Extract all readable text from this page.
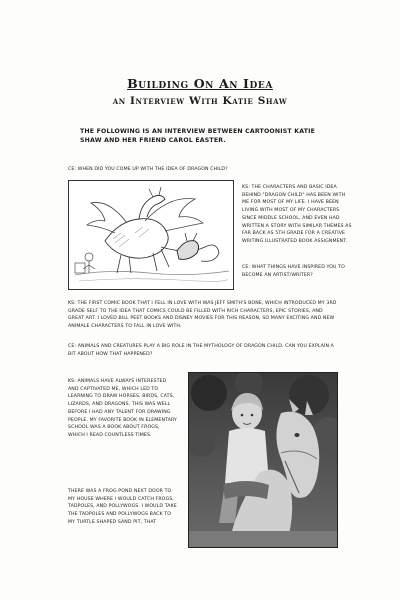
Building On An Idea
an Interview With Katie Shaw
THE FOLLOWING IS AN INTERVIEW BETWEEN CARTOONIST KATIE SHAW AND HER FRIEND CAROL EASTER.
CE: WHEN DID YOU COME UP WITH THE IDEA OF DRAGON CHILD?
KS: THE CHARACTERS AND BASIC IDEA BEHIND "DRAGON CHILD" HAS BEEN WITH ME FOR MOST OF MY LIFE. I HAVE BEEN LIVING WITH MOST OF MY CHARACTERS SINCE MIDDLE SCHOOL, AND EVEN HAD WRITTEN A STORY WITH SIMILAR THEMES AS FAR BACK AS 5TH GRADE FOR A CREATIVE WRITING ILLUSTRATED BOOK ASSIGNMENT.
CE: WHAT THINGS HAVE INSPIRED YOU TO BECOME AN ARTIST/WRITER?
KS: THE FIRST COMIC BOOK THAT I FELL IN LOVE WITH WAS JEFF SMITH'S BONE, WHICH INTRODUCED MY 3RD GRADE SELF TO THE IDEA THAT COMICS COULD BE FILLED WITH RICH CHARACTERS, EPIC STORIES, AND GREAT ART. I LOVED BILL PEET BOOKS AND DISNEY MOVIES FOR THIS REASON, SO MANY EXCITING AND NEW ANIMALE CHARACTERS TO FALL IN LOVE WITH.
CE: ANIMALS AND CREATURES PLAY A BIG ROLE IN THE MYTHOLOGY OF DRAGON CHILD. CAN YOU EXPLAIN A BIT ABOUT HOW THAT HAPPENED?
KS: ANIMALS HAVE ALWAYS INTERESTED AND CAPTIVATED ME, WHICH LED TO LEARNING TO DRAW HORSES, BIRDS, CATS, LIZARDS, AND DRAGONS. THIS WAS WELL BEFORE I HAD ANY TALENT FOR DRAWING PEOPLE. MY FAVORITE BOOK IN ELEMENTARY SCHOOL WAS A BOOK ABOUT FROGS, WHICH I READ COUNTLESS TIMES.
THERE WAS A FROG POND NEXT DOOR TO MY HOUSE WHERE I WOULD CATCH FROGS, TADPOLES, AND POLLYWOGS. I WOULD TAKE THE TADPOLES AND POLLYWOGS BACK TO MY TURTLE SHAPED SAND PIT, THAT
